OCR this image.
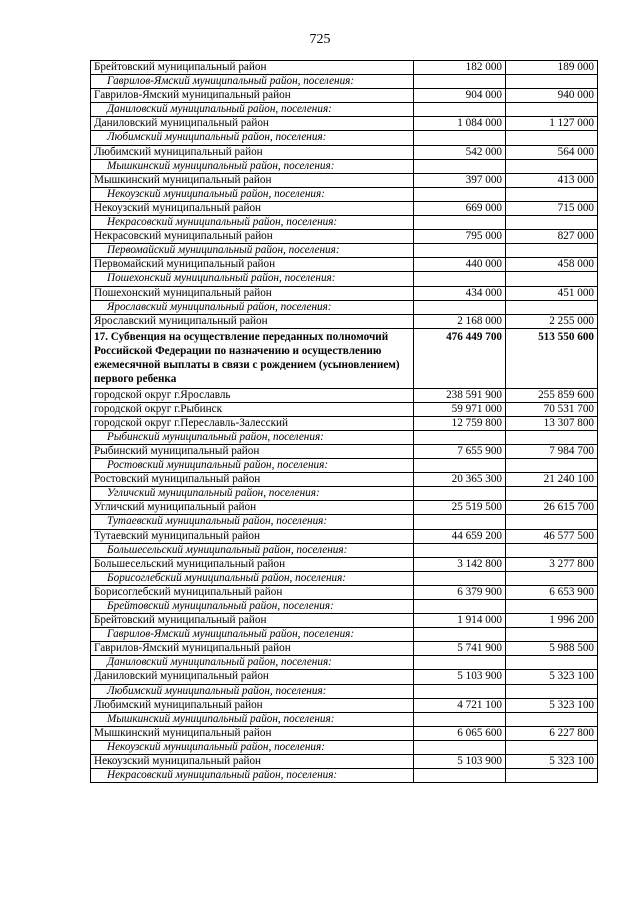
725
Брейтовский муниципальный район	182 000	189 000
Гаврилов-Ямский муниципальный район, поселения:		
Гаврилов-Ямский муниципальный район	904 000	940 000
Даниловский муниципальный район, поселения:		
Даниловский муниципальный район	1 084 000	1 127 000
Любимский муниципальный район, поселения:		
Любимский муниципальный район	542 000	564 000
Мышкинский муниципальный район, поселения:		
Мышкинский муниципальный район	397 000	413 000
Некоузский муниципальный район, поселения:		
Некоузский муниципальный район	669 000	715 000
Некрасовский муниципальный район, поселения:		
Некрасовский муниципальный район	795 000	827 000
Первомайский муниципальный район, поселения:		
Первомайский муниципальный район	440 000	458 000
Пошехонский муниципальный район, поселения:		
Пошехонский муниципальный район	434 000	451 000
Ярославский муниципальный район, поселения:		
Ярославский муниципальный район	2 168 000	2 255 000
17. Субвенция на осуществление переданных полномочий Российской Федерации по назначению и осуществлению ежемесячной выплаты в связи с рождением (усыновлением) первого ребенка	476 449 700	513 550 600
городской округ г.Ярославль	238 591 900	255 859 600
городской округ г.Рыбинск	59 971 000	70 531 700
городской округ г.Переславль-Залесский	12 759 800	13 307 800
Рыбинский муниципальный район, поселения:		
Рыбинский муниципальный район	7 655 900	7 984 700
Ростовский муниципальный район, поселения:		
Ростовский муниципальный район	20 365 300	21 240 100
Угличский муниципальный район, поселения:		
Угличский муниципальный район	25 519 500	26 615 700
Тутаевский муниципальный район, поселения:		
Тутаевский муниципальный район	44 659 200	46 577 500
Большесельский муниципальный район, поселения:		
Большесельский муниципальный район	3 142 800	3 277 800
Борисоглебский муниципальный район, поселения:		
Борисоглебский муниципальный район	6 379 900	6 653 900
Брейтовский муниципальный район, поселения:		
Брейтовский муниципальный район	1 914 000	1 996 200
Гаврилов-Ямский муниципальный район, поселения:		
Гаврилов-Ямский муниципальный район	5 741 900	5 988 500
Даниловский муниципальный район, поселения:		
Даниловский муниципальный район	5 103 900	5 323 100
Любимский муниципальный район, поселения:		
Любимский муниципальный район	4 721 100	5 323 100
Мышкинский муниципальный район, поселения:		
Мышкинский муниципальный район	6 065 600	6 227 800
Некоузский муниципальный район, поселения:		
Некоузский муниципальный район	5 103 900	5 323 100
Некрасовский муниципальный район, поселения:		
